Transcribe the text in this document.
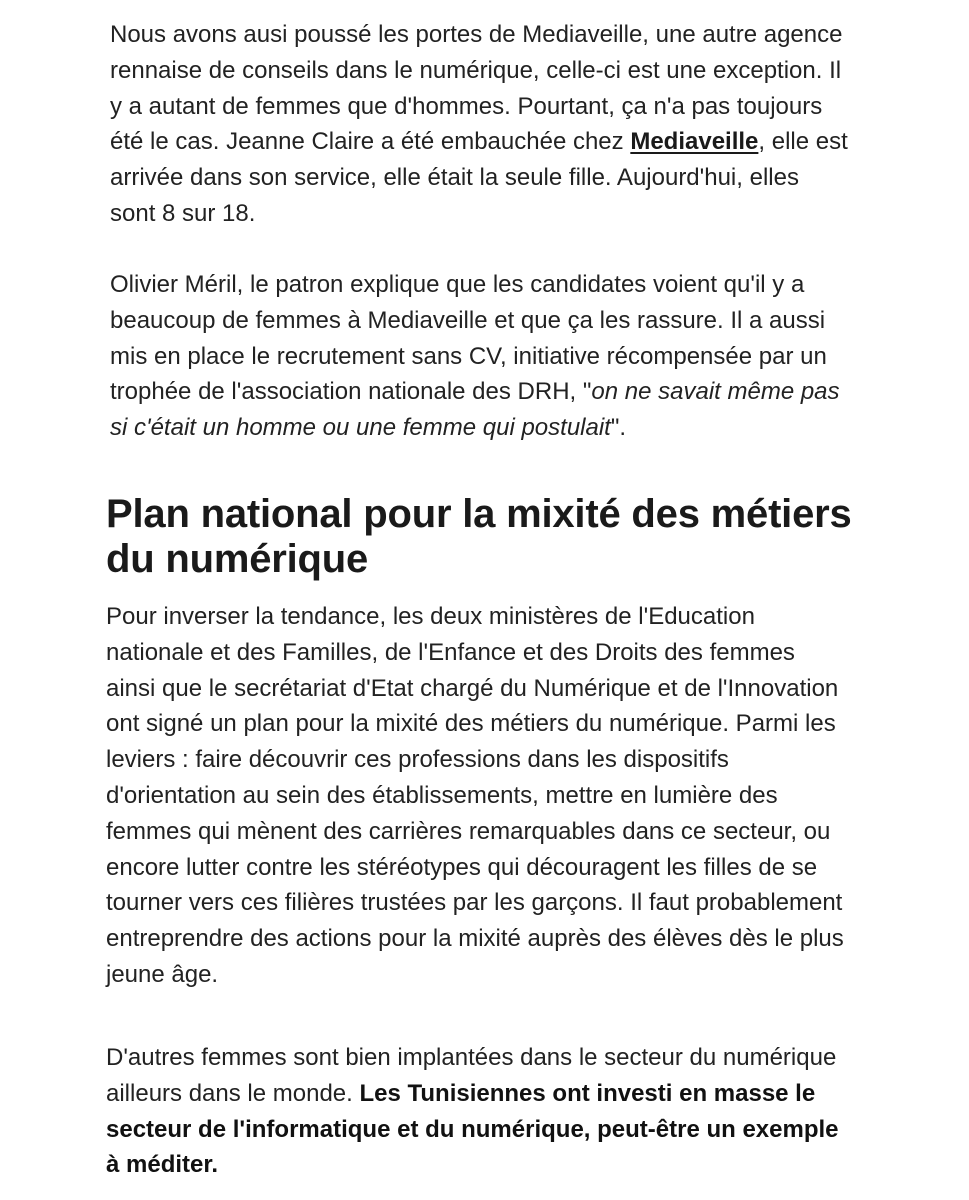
Nous avons ausi poussé les portes de Mediaveille, une autre agence rennaise de conseils dans le numérique, celle-ci est une exception. Il y a autant de femmes que d'hommes. Pourtant, ça n'a pas toujours été le cas. Jeanne Claire a été embauchée chez Mediaveille, elle est arrivée dans son service, elle était la seule fille. Aujourd'hui, elles sont 8 sur 18.

Olivier Méril, le patron explique que les candidates voient qu'il y a beaucoup de femmes à Mediaveille et que ça les rassure. Il a aussi mis en place le recrutement sans CV, initiative récompensée par un trophée de l'association nationale des DRH, "on ne savait même pas si c'était un homme ou une femme qui postulait".

Plan national pour la mixité des métiers du numérique

Pour inverser la tendance, les deux ministères de l'Education nationale et des Familles, de l'Enfance et des Droits des femmes ainsi que le secrétariat d'Etat chargé du Numérique et de l'Innovation ont signé un plan pour la mixité des métiers du numérique. Parmi les leviers : faire découvrir ces professions dans les dispositifs d'orientation au sein des établissements, mettre en lumière des femmes qui mènent des carrières remarquables dans ce secteur, ou encore lutter contre les stéréotypes qui découragent les filles de se tourner vers ces filières trustées par les garçons. Il faut probablement entreprendre des actions pour la mixité auprès des élèves dès le plus jeune âge.

D'autres femmes sont bien implantées dans le secteur du numérique ailleurs dans le monde. Les Tunisiennes ont investi en masse le secteur de l'informatique et du numérique, peut-être un exemple à méditer.
